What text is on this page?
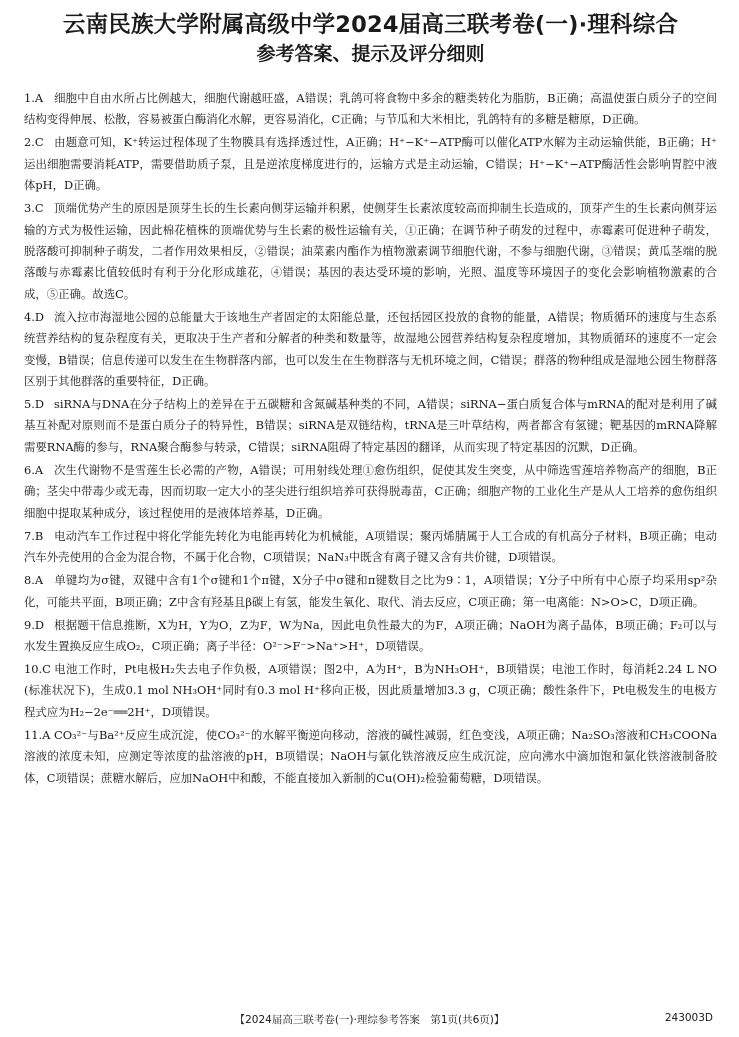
云南民族大学附属高级中学2024届高三联考卷(一)·理科综合
参考答案、提示及评分细则

1.A 细胞中自由水所占比例越大，细胞代谢越旺盛，A错误；乳鸽可将食物中多余的糖类转化为脂肪，B正确；高温使蛋白质分子的空间结构变得伸展、松散，容易被蛋白酶消化水解，更容易消化，C正确；与节瓜和大米相比，乳鸽特有的多糖是糖原，D正确。

2.C 由题意可知，K⁺转运过程体现了生物膜具有选择透过性，A正确；H⁺−K⁺−ATP酶可以催化ATP水解为主动运输供能，B正确；H⁺运出细胞需要消耗ATP，需要借助质子泵，且是逆浓度梯度进行的，运输方式是主动运输，C错误；H⁺−K⁺−ATP酶活性会影响胃腔中液体pH，D正确。

3.C 顶端优势产生的原因是顶芽生长的生长素向侧芽运输并积累，使侧芽生长素浓度较高而抑制生长造成的，顶芽产生的生长素向侧芽运输的方式为极性运输，因此棉花植株的顶端优势与生长素的极性运输有关，①正确；在调节种子萌发的过程中，赤霉素可促进种子萌发，脱落酸可抑制种子萌发，二者作用效果相反，②错误；油菜素内酯作为植物激素调节细胞代谢，不参与细胞代谢，③错误；黄瓜茎端的脱落酸与赤霉素比值较低时有利于分化形成雄花，④错误；基因的表达受环境的影响，光照、温度等环境因子的变化会影响植物激素的合成，⑤正确。故选C。

4.D 流入拉市海湿地公园的总能量大于该地生产者固定的太阳能总量，还包括园区投放的食物的能量，A错误；物质循环的速度与生态系统营养结构的复杂程度有关，更取决于生产者和分解者的种类和数量等，故湿地公园营养结构复杂程度增加，其物质循环的速度不一定会变慢，B错误；信息传递可以发生在生物群落内部，也可以发生在生物群落与无机环境之间，C错误；群落的物种组成是湿地公园生物群落区别于其他群落的重要特征，D正确。

5.D siRNA与DNA在分子结构上的差异在于五碳糖和含氮碱基种类的不同，A错误；siRNA−蛋白质复合体与mRNA的配对是利用了碱基互补配对原则而不是蛋白质分子的特异性，B错误；siRNA是双链结构，tRNA是三叶草结构，两者都含有氢键；靶基因的mRNA降解需要RNA酶的参与，RNA聚合酶参与转录，C错误；siRNA阻碍了特定基因的翻译，从而实现了特定基因的沉默，D正确。

6.A 次生代谢物不是雪莲生长必需的产物，A错误；可用射线处理①愈伤组织，促使其发生突变，从中筛选雪莲培养物高产的细胞，B正确；茎尖中带毒少或无毒，因而切取一定大小的茎尖进行组织培养可获得脱毒苗，C正确；细胞产物的工业化生产是从人工培养的愈伤组织细胞中提取某种成分，该过程使用的是液体培养基，D正确。

7.B 电动汽车工作过程中将化学能先转化为电能再转化为机械能，A项错误；聚丙烯腈属于人工合成的有机高分子材料，B项正确；电动汽车外壳使用的合金为混合物，不属于化合物，C项错误；NaN₃中既含有离子键又含有共价键，D项错误。

8.A 单键均为σ键，双键中含有1个σ键和1个π键，X分子中σ键和π键数目之比为9∶1，A项错误；Y分子中所有中心原子均采用sp²杂化，可能共平面，B项正确；Z中含有羟基且β碳上有氢，能发生氧化、取代、消去反应，C项正确；第一电离能：N>O>C，D项正确。

9.D 根据题干信息推断，X为H，Y为O，Z为F，W为Na，因此电负性最大的为F，A项正确；NaOH为离子晶体，B项正确；F₂可以与水发生置换反应生成O₂，C项正确；离子半径：O²⁻>F⁻>Na⁺>H⁺，D项错误。

10.C 电池工作时，Pt电极H₂失去电子作负极，A项错误；图2中，A为H⁺，B为NH₃OH⁺，B项错误；电池工作时，每消耗2.24 L NO(标准状况下)，生成0.1 mol NH₃OH⁺同时有0.3 mol H⁺移向正极，因此质量增加3.3 g，C项正确；酸性条件下，Pt电极发生的电极方程式应为H₂−2e⁻══2H⁺，D项错误。

11.A CO₃²⁻与Ba²⁺反应生成沉淀，使CO₃²⁻的水解平衡逆向移动，溶液的碱性减弱，红色变浅，A项正确；Na₂SO₃溶液和CH₃COONa溶液的浓度未知，应测定等浓度的盐溶液的pH，B项错误；NaOH与氯化铁溶液反应生成沉淀，应向沸水中滴加饱和氯化铁溶液制备胶体，C项错误；蔗糖水解后，应加NaOH中和酸，不能直接加入新制的Cu(OH)₂检验葡萄糖，D项错误。

【2024届高三联考卷(一)·理综参考答案　第1页(共6页)】	243003D
